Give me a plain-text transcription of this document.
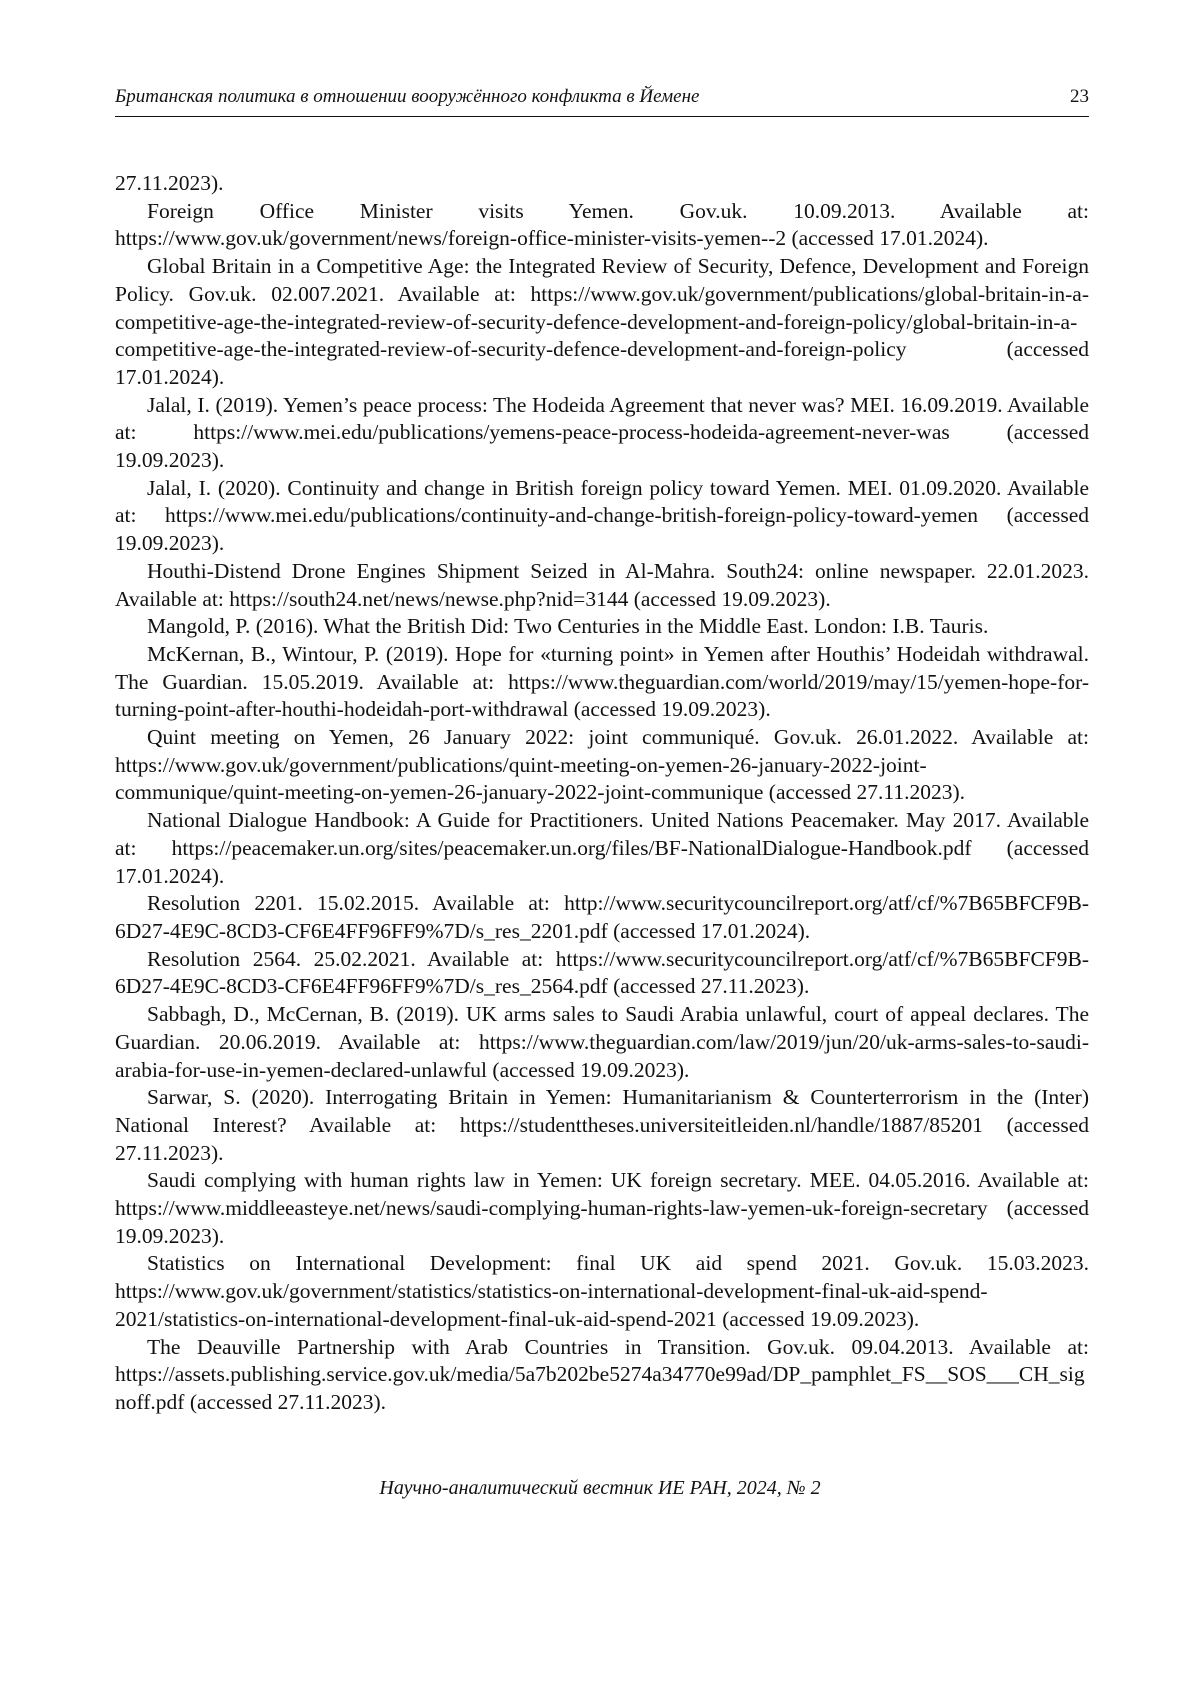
Британская политика в отношении вооружённого конфликта в Йемене	23

27.11.2023).

Foreign Office Minister visits Yemen. Gov.uk. 10.09.2013. Available at: https://www.gov.uk/government/news/foreign-office-minister-visits-yemen--2 (accessed 17.01.2024).

Global Britain in a Competitive Age: the Integrated Review of Security, Defence, Development and Foreign Policy. Gov.uk. 02.007.2021. Available at: https://www.gov.uk/government/publications/global-britain-in-a-competitive-age-the-integrated-review-of-security-defence-development-and-foreign-policy/global-britain-in-a-competitive-age-the-integrated-review-of-security-defence-development-and-foreign-policy (accessed 17.01.2024).

Jalal, I. (2019). Yemen’s peace process: The Hodeida Agreement that never was? MEI. 16.09.2019. Available at: https://www.mei.edu/publications/yemens-peace-process-hodeida-agreement-never-was (accessed 19.09.2023).

Jalal, I. (2020). Continuity and change in British foreign policy toward Yemen. MEI. 01.09.2020. Available at: https://www.mei.edu/publications/continuity-and-change-british-foreign-policy-toward-yemen (accessed 19.09.2023).

Houthi-Distend Drone Engines Shipment Seized in Al-Mahra. South24: online newspaper. 22.01.2023. Available at: https://south24.net/news/newse.php?nid=3144 (accessed 19.09.2023).

Mangold, P. (2016). What the British Did: Two Centuries in the Middle East. London: I.B. Tauris.

McKernan, B., Wintour, P. (2019). Hope for «turning point» in Yemen after Houthis’ Hodeidah withdrawal. The Guardian. 15.05.2019. Available at: https://www.theguardian.com/world/2019/may/15/yemen-hope-for-turning-point-after-houthi-hodeidah-port-withdrawal (accessed 19.09.2023).

Quint meeting on Yemen, 26 January 2022: joint communiqué. Gov.uk. 26.01.2022. Available at: https://www.gov.uk/government/publications/quint-meeting-on-yemen-26-january-2022-joint-communique/quint-meeting-on-yemen-26-january-2022-joint-communique (accessed 27.11.2023).

National Dialogue Handbook: A Guide for Practitioners. United Nations Peacemaker. May 2017. Available at: https://peacemaker.un.org/sites/peacemaker.un.org/files/BF-NationalDialogue-Handbook.pdf (accessed 17.01.2024).

Resolution 2201. 15.02.2015. Available at: http://www.securitycouncilreport.org/atf/cf/%7B65BFCF9B-6D27-4E9C-8CD3-CF6E4FF96FF9%7D/s_res_2201.pdf (accessed 17.01.2024).

Resolution 2564. 25.02.2021. Available at: https://www.securitycouncilreport.org/atf/cf/%7B65BFCF9B-6D27-4E9C-8CD3-CF6E4FF96FF9%7D/s_res_2564.pdf (accessed 27.11.2023).

Sabbagh, D., McCernan, B. (2019). UK arms sales to Saudi Arabia unlawful, court of appeal declares. The Guardian. 20.06.2019. Available at: https://www.theguardian.com/law/2019/jun/20/uk-arms-sales-to-saudi-arabia-for-use-in-yemen-declared-unlawful (accessed 19.09.2023).

Sarwar, S. (2020). Interrogating Britain in Yemen: Humanitarianism & Counterterrorism in the (Inter) National Interest? Available at: https://studenttheses.universiteitleiden.nl/handle/1887/85201 (accessed 27.11.2023).

Saudi complying with human rights law in Yemen: UK foreign secretary. MEE. 04.05.2016. Available at: https://www.middleeasteye.net/news/saudi-complying-human-rights-law-yemen-uk-foreign-secretary (accessed 19.09.2023).

Statistics on International Development: final UK aid spend 2021. Gov.uk. 15.03.2023. https://www.gov.uk/government/statistics/statistics-on-international-development-final-uk-aid-spend-2021/statistics-on-international-development-final-uk-aid-spend-2021 (accessed 19.09.2023).

The Deauville Partnership with Arab Countries in Transition. Gov.uk. 09.04.2013. Available at: https://assets.publishing.service.gov.uk/media/5a7b202be5274a34770e99ad/DP_pamphlet_FS__SOS___CH_signoff.pdf (accessed 27.11.2023).

Научно-аналитический вестник ИЕ РАН, 2024, № 2
